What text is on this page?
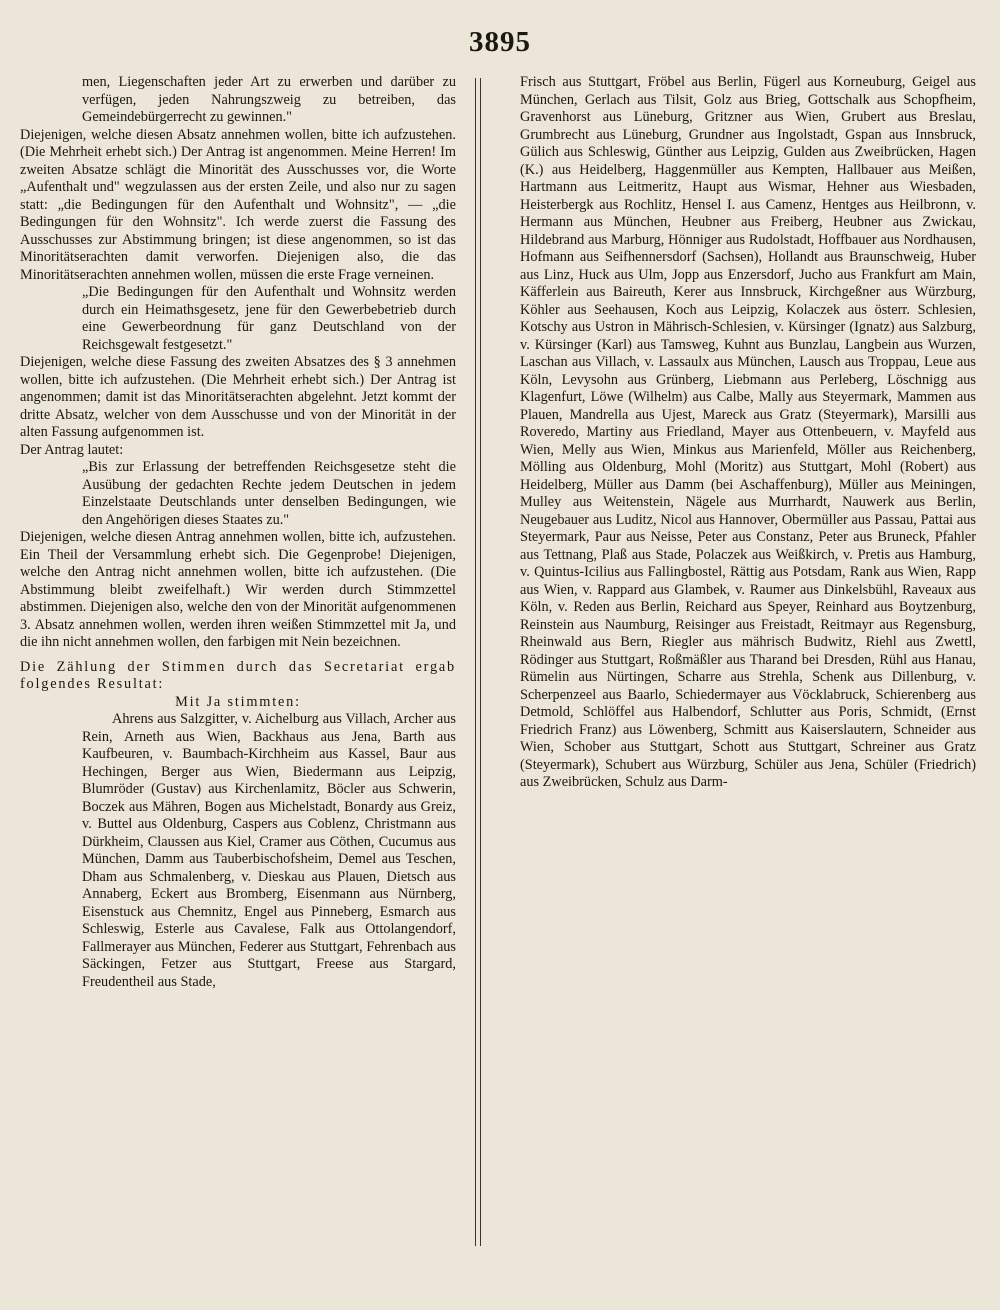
3895

men, Liegenschaften jeder Art zu erwerben und darüber zu verfügen, jeden Nahrungszweig zu betreiben, das Gemeindebürgerrecht zu gewinnen."

Diejenigen, welche diesen Absatz annehmen wollen, bitte ich aufzustehen. (Die Mehrheit erhebt sich.) Der Antrag ist angenommen. Meine Herren! Im zweiten Absatze schlägt die Minorität des Ausschusses vor, die Worte „Aufenthalt und" wegzulassen aus der ersten Zeile, und also nur zu sagen statt: „die Bedingungen für den Aufenthalt und Wohnsitz", — „die Bedingungen für den Wohnsitz". Ich werde zuerst die Fassung des Ausschusses zur Abstimmung bringen; ist diese angenommen, so ist das Minoritätserachten damit verworfen. Diejenigen also, die das Minoritätserachten annehmen wollen, müssen die erste Frage verneinen.

„Die Bedingungen für den Aufenthalt und Wohnsitz werden durch ein Heimathsgesetz, jene für den Gewerbebetrieb durch eine Gewerbeordnung für ganz Deutschland von der Reichsgewalt festgesetzt."

Diejenigen, welche diese Fassung des zweiten Absatzes des § 3 annehmen wollen, bitte ich aufzustehen. (Die Mehrheit erhebt sich.) Der Antrag ist angenommen; damit ist das Minoritätserachten abgelehnt. Jetzt kommt der dritte Absatz, welcher von dem Ausschusse und von der Minorität in der alten Fassung aufgenommen ist.

Der Antrag lautet:

„Bis zur Erlassung der betreffenden Reichsgesetze steht die Ausübung der gedachten Rechte jedem Deutschen in jedem Einzelstaate Deutschlands unter denselben Bedingungen, wie den Angehörigen dieses Staates zu."

Diejenigen, welche diesen Antrag annehmen wollen, bitte ich, aufzustehen. Ein Theil der Versammlung erhebt sich. Die Gegenprobe! Diejenigen, welche den Antrag nicht annehmen wollen, bitte ich aufzustehen. (Die Abstimmung bleibt zweifelhaft.) Wir werden durch Stimmzettel abstimmen. Diejenigen also, welche den von der Minorität aufgenommenen 3. Absatz annehmen wollen, werden ihren weißen Stimmzettel mit Ja, und die ihn nicht annehmen wollen, den farbigen mit Nein bezeichnen.

Die Zählung der Stimmen durch das Secretariat ergab folgendes Resultat:

Mit Ja stimmten:

Ahrens aus Salzgitter, v. Aichelburg aus Villach, Archer aus Rein, Arneth aus Wien, Backhaus aus Jena, Barth aus Kaufbeuren, v. Baumbach-Kirchheim aus Kassel, Baur aus Hechingen, Berger aus Wien, Biedermann aus Leipzig, Blumröder (Gustav) aus Kirchenlamitz, Böcler aus Schwerin, Boczek aus Mähren, Bogen aus Michelstadt, Bonardy aus Greiz, v. Buttel aus Oldenburg, Caspers aus Coblenz, Christmann aus Dürkheim, Claussen aus Kiel, Cramer aus Cöthen, Cucumus aus München, Damm aus Tauberbischofsheim, Demel aus Teschen, Dham aus Schmalenberg, v. Dieskau aus Plauen, Dietsch aus Annaberg, Eckert aus Bromberg, Eisenmann aus Nürnberg, Eisenstuck aus Chemnitz, Engel aus Pinneberg, Esmarch aus Schleswig, Esterle aus Cavalese, Falk aus Ottolangendorf, Fallmerayer aus München, Federer aus Stuttgart, Fehrenbach aus Säckingen, Fetzer aus Stuttgart, Freese aus Stargard, Freudentheil aus Stade,

Frisch aus Stuttgart, Fröbel aus Berlin, Fügerl aus Korneuburg, Geigel aus München, Gerlach aus Tilsit, Golz aus Brieg, Gottschalk aus Schopfheim, Gravenhorst aus Lüneburg, Gritzner aus Wien, Grubert aus Breslau, Grumbrecht aus Lüneburg, Grundner aus Ingolstadt, Gspan aus Innsbruck, Gülich aus Schleswig, Günther aus Leipzig, Gulden aus Zweibrücken, Hagen (K.) aus Heidelberg, Haggenmüller aus Kempten, Hallbauer aus Meißen, Hartmann aus Leitmeritz, Haupt aus Wismar, Hehner aus Wiesbaden, Heisterbergk aus Rochlitz, Hensel I. aus Camenz, Hentges aus Heilbronn, v. Hermann aus München, Heubner aus Freiberg, Heubner aus Zwickau, Hildebrand aus Marburg, Hönniger aus Rudolstadt, Hoffbauer aus Nordhausen, Hofmann aus Seifhennersdorf (Sachsen), Hollandt aus Braunschweig, Huber aus Linz, Huck aus Ulm, Jopp aus Enzersdorf, Jucho aus Frankfurt am Main, Käfferlein aus Baireuth, Kerer aus Innsbruck, Kirchgeßner aus Würzburg, Köhler aus Seehausen, Koch aus Leipzig, Kolaczek aus österr. Schlesien, Kotschy aus Ustron in Mährisch-Schlesien, v. Kürsinger (Ignatz) aus Salzburg, v. Kürsinger (Karl) aus Tamsweg, Kuhnt aus Bunzlau, Langbein aus Wurzen, Laschan aus Villach, v. Lassaulx aus München, Lausch aus Troppau, Leue aus Köln, Levysohn aus Grünberg, Liebmann aus Perleberg, Löschnigg aus Klagenfurt, Löwe (Wilhelm) aus Calbe, Mally aus Steyermark, Mammen aus Plauen, Mandrella aus Ujest, Mareck aus Gratz (Steyermark), Marsilli aus Roveredo, Martiny aus Friedland, Mayer aus Ottenbeuern, v. Mayfeld aus Wien, Melly aus Wien, Minkus aus Marienfeld, Möller aus Reichenberg, Mölling aus Oldenburg, Mohl (Moritz) aus Stuttgart, Mohl (Robert) aus Heidelberg, Müller aus Damm (bei Aschaffenburg), Müller aus Meiningen, Mulley aus Weitenstein, Nägele aus Murrhardt, Nauwerk aus Berlin, Neugebauer aus Luditz, Nicol aus Hannover, Obermüller aus Passau, Pattai aus Steyermark, Paur aus Neisse, Peter aus Constanz, Peter aus Bruneck, Pfahler aus Tettnang, Plaß aus Stade, Polaczek aus Weißkirch, v. Pretis aus Hamburg, v. Quintus-Icilius aus Fallingbostel, Rättig aus Potsdam, Rank aus Wien, Rapp aus Wien, v. Rappard aus Glambek, v. Raumer aus Dinkelsbühl, Raveaux aus Köln, v. Reden aus Berlin, Reichard aus Speyer, Reinhard aus Boytzenburg, Reinstein aus Naumburg, Reisinger aus Freistadt, Reitmayr aus Regensburg, Rheinwald aus Bern, Riegler aus mährisch Budwitz, Riehl aus Zwettl, Rödinger aus Stuttgart, Roßmäßler aus Tharand bei Dresden, Rühl aus Hanau, Rümelin aus Nürtingen, Scharre aus Strehla, Schenk aus Dillenburg, v. Scherpenzeel aus Baarlo, Schiedermayer aus Vöcklabruck, Schierenberg aus Detmold, Schlöffel aus Halbendorf, Schlutter aus Poris, Schmidt, (Ernst Friedrich Franz) aus Löwenberg, Schmitt aus Kaiserslautern, Schneider aus Wien, Schober aus Stuttgart, Schott aus Stuttgart, Schreiner aus Gratz (Steyermark), Schubert aus Würzburg, Schüler aus Jena, Schüler (Friedrich) aus Zweibrücken, Schulz aus Darm-
